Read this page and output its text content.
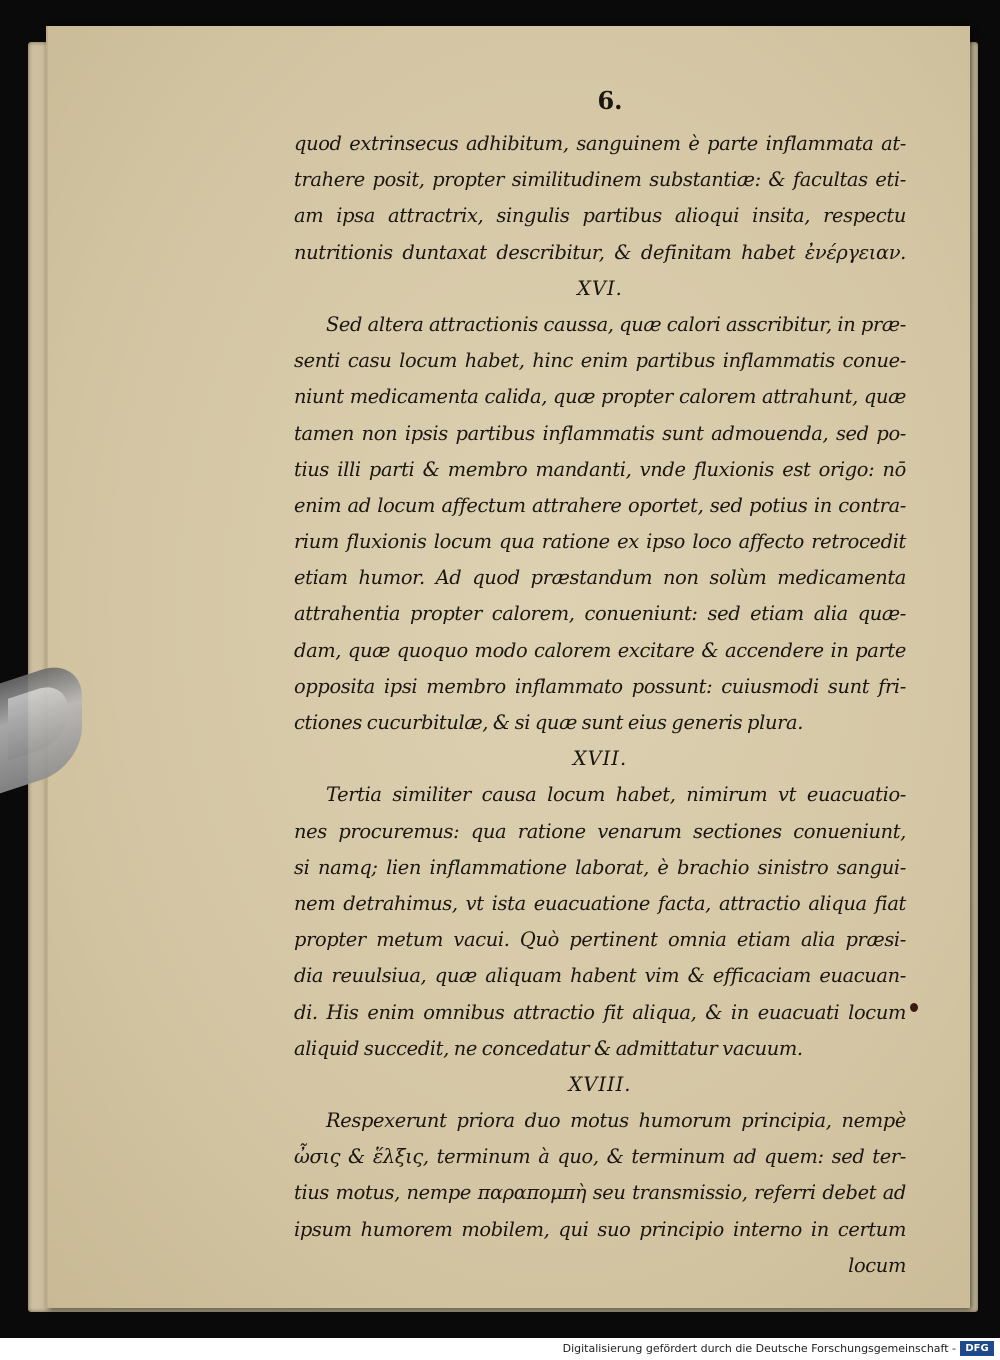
6.
quod extrinsecus adhibitum, sanguinem è parte inflammata at-
trahere posit, propter similitudinem substantiæ: & facultas eti-
am ipsa attractrix, singulis partibus alioqui insita, respectu
nutritionis duntaxat describitur, & definitam habet ἐνέργειαν.
XVI.
Sed altera attractionis caussa, quæ calori asscribitur, in præ-
senti casu locum habet, hinc enim partibus inflammatis conue-
niunt medicamenta calida, quæ propter calorem attrahunt, quæ
tamen non ipsis partibus inflammatis sunt admouenda, sed po-
tius illi parti & membro mandanti, vnde fluxionis est origo: nō
enim ad locum affectum attrahere oportet, sed potius in contra-
rium fluxionis locum qua ratione ex ipso loco affecto retrocedit
etiam humor. Ad quod præstandum non solùm medicamenta
attrahentia propter calorem, conueniunt: sed etiam alia quæ-
dam, quæ quoquo modo calorem excitare & accendere in parte
opposita ipsi membro inflammato possunt: cuiusmodi sunt fri-
ctiones cucurbitulæ, & si quæ sunt eius generis plura.
XVII.
Tertia similiter causa locum habet, nimirum vt euacuatio-
nes procuremus: qua ratione venarum sectiones conueniunt,
si namq; lien inflammatione laborat, è brachio sinistro sangui-
nem detrahimus, vt ista euacuatione facta, attractio aliqua fiat
propter metum vacui. Quò pertinent omnia etiam alia præsi-
dia reuulsiua, quæ aliquam habent vim & efficaciam euacuan-
di. His enim omnibus attractio fit aliqua, & in euacuati locum
aliquid succedit, ne concedatur & admittatur vacuum.
XVIII.
Respexerunt priora duo motus humorum principia, nempè
ὦσις & ἕλξις, terminum à quo, & terminum ad quem: sed ter-
tius motus, nempe παραπομπὴ seu transmissio, referri debet ad
ipsum humorem mobilem, qui suo principio interno in certum
locum
Digitalisierung gefördert durch die Deutsche Forschungsgemeinschaft - DFG
